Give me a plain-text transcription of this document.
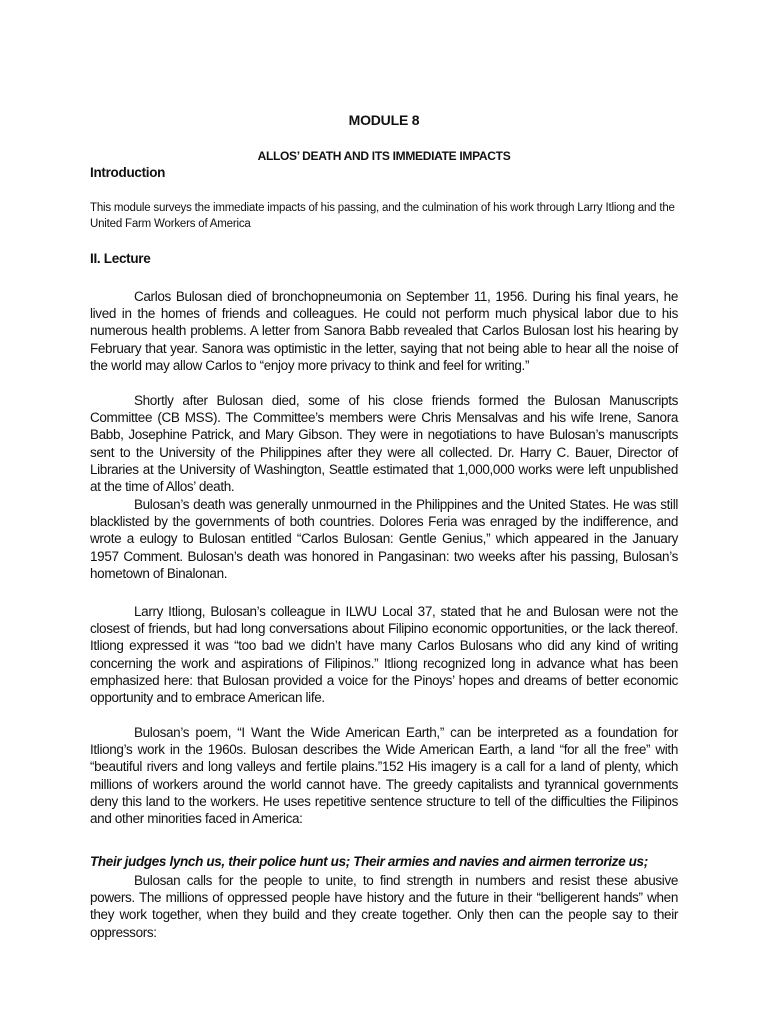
MODULE 8
ALLOS’ DEATH AND ITS IMMEDIATE IMPACTS
Introduction
This module surveys the immediate impacts of his passing, and the culmination of his work through Larry Itliong and the United Farm Workers of America
II. Lecture

Carlos Bulosan died of bronchopneumonia on September 11, 1956. During his final years, he lived in the homes of friends and colleagues. He could not perform much physical labor due to his numerous health problems. A letter from Sanora Babb revealed that Carlos Bulosan lost his hearing by February that year. Sanora was optimistic in the letter, saying that not being able to hear all the noise of the world may allow Carlos to “enjoy more privacy to think and feel for writing.”

Shortly after Bulosan died, some of his close friends formed the Bulosan Manuscripts Committee (CB MSS). The Committee’s members were Chris Mensalvas and his wife Irene, Sanora Babb, Josephine Patrick, and Mary Gibson. They were in negotiations to have Bulosan’s manuscripts sent to the University of the Philippines after they were all collected. Dr. Harry C. Bauer, Director of Libraries at the University of Washington, Seattle estimated that 1,000,000 works were left unpublished at the time of Allos’ death.

Bulosan’s death was generally unmourned in the Philippines and the United States. He was still blacklisted by the governments of both countries. Dolores Feria was enraged by the indifference, and wrote a eulogy to Bulosan entitled “Carlos Bulosan: Gentle Genius,” which appeared in the January 1957 Comment. Bulosan’s death was honored in Pangasinan: two weeks after his passing, Bulosan’s hometown of Binalonan.

Larry Itliong, Bulosan’s colleague in ILWU Local 37, stated that he and Bulosan were not the closest of friends, but had long conversations about Filipino economic opportunities, or the lack thereof. Itliong expressed it was “too bad we didn’t have many Carlos Bulosans who did any kind of writing concerning the work and aspirations of Filipinos.” Itliong recognized long in advance what has been emphasized here: that Bulosan provided a voice for the Pinoys’ hopes and dreams of better economic opportunity and to embrace American life.

Bulosan’s poem, “I Want the Wide American Earth,” can be interpreted as a foundation for Itliong’s work in the 1960s. Bulosan describes the Wide American Earth, a land “for all the free” with “beautiful rivers and long valleys and fertile plains.”152 His imagery is a call for a land of plenty, which millions of workers around the world cannot have. The greedy capitalists and tyrannical governments deny this land to the workers. He uses repetitive sentence structure to tell of the difficulties the Filipinos and other minorities faced in America:

Their judges lynch us, their police hunt us; Their armies and navies and airmen terrorize us;

Bulosan calls for the people to unite, to find strength in numbers and resist these abusive powers. The millions of oppressed people have history and the future in their “belligerent hands” when they work together, when they build and they create together. Only then can the people say to their oppressors:
